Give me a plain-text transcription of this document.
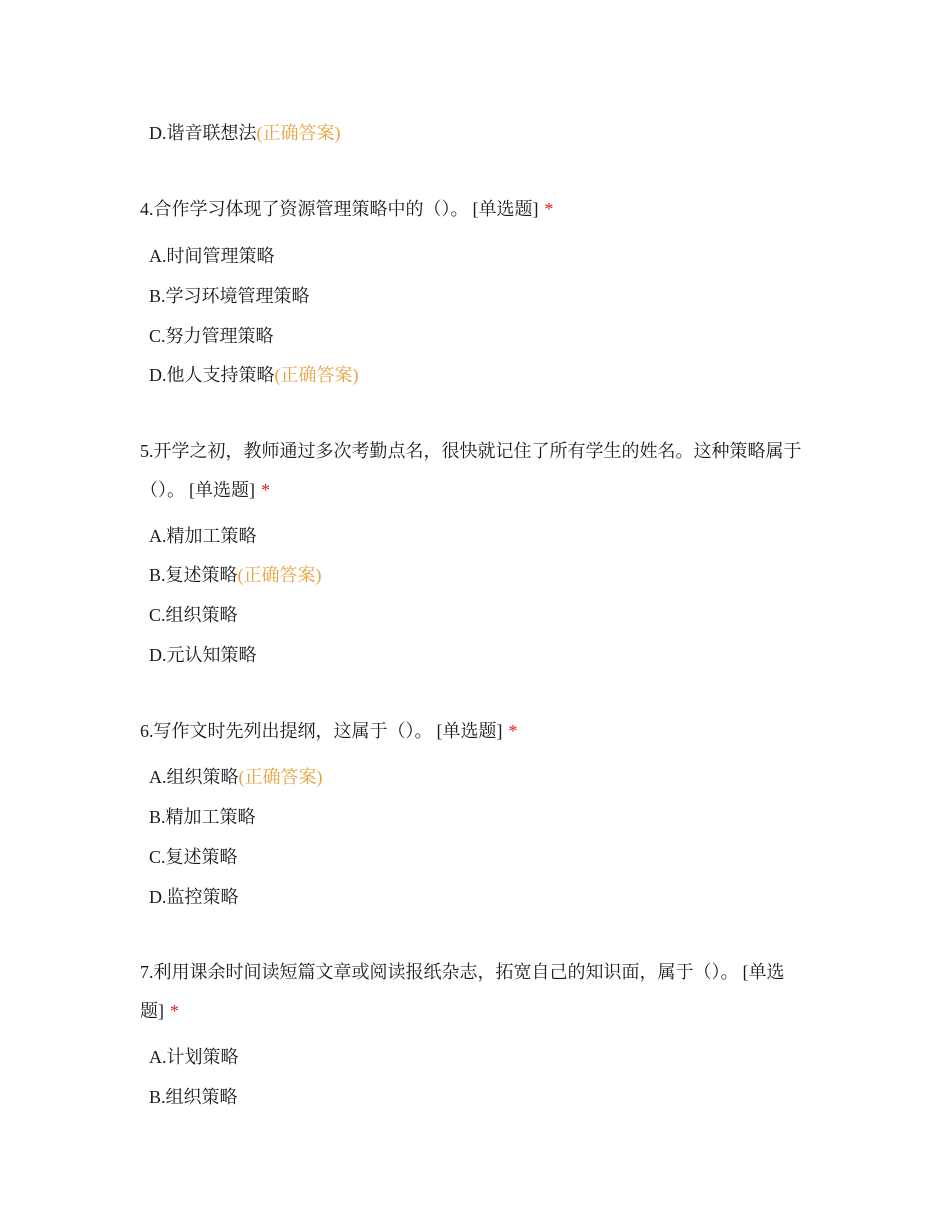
D.谐音联想法(正确答案)
4.合作学习体现了资源管理策略中的（）。 [单选题] *
A.时间管理策略
B.学习环境管理策略
C.努力管理策略
D.他人支持策略(正确答案)
5.开学之初，教师通过多次考勤点名，很快就记住了所有学生的姓名。这种策略属于（）。 [单选题] *
A.精加工策略
B.复述策略(正确答案)
C.组织策略
D.元认知策略
6.写作文时先列出提纲，这属于（）。 [单选题] *
A.组织策略(正确答案)
B.精加工策略
C.复述策略
D.监控策略
7.利用课余时间读短篇文章或阅读报纸杂志，拓宽自己的知识面，属于（）。 [单选题] *
A.计划策略
B.组织策略
